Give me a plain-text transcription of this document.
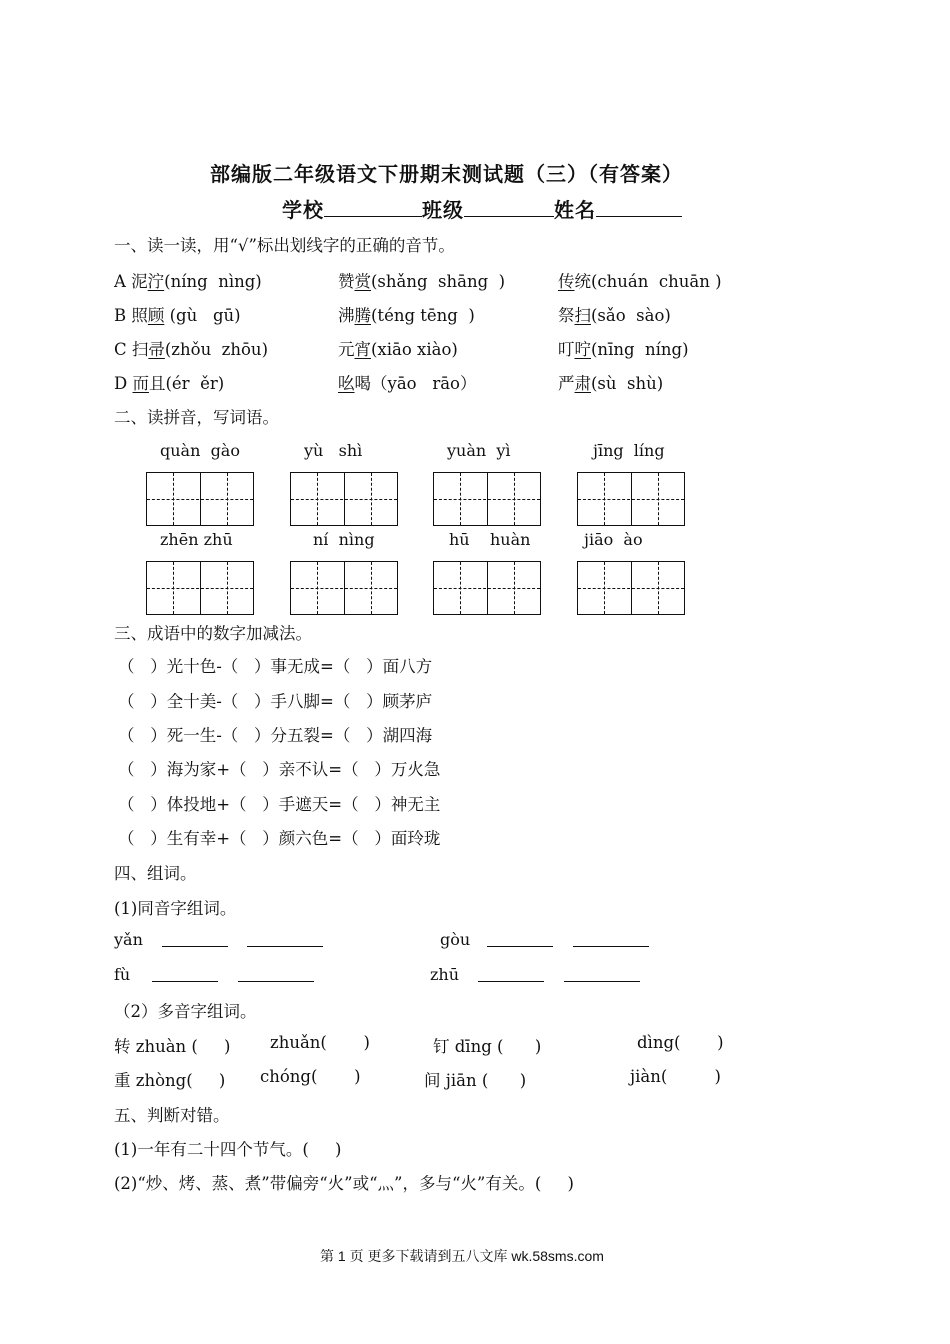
部编版二年级语文下册期末测试题（三）（有答案）
学校	班级	姓名
一、读一读，用“√”标出划线字的正确的音节。
A 泥泞(níng  nìng)	赞赏(shǎng  shāng  )	传统(chuán  chuān )
B 照顾 (gù   gū)	沸腾(téng tēng  )	祭扫(sǎo  sào)
C 扫帚(zhǒu  zhōu)	元宵(xiāo xiào)	叮咛(nīng  níng)
D 而且(ér  ěr)	吆喝（yāo   rāo）	严肃(sù  shù)
二、读拼音，写词语。
quàn  gào	yù   shì	yuàn  yì	jīng  líng
zhēn zhū	ní  nìng	hū    huàn	jiāo  ào
三、成语中的数字加减法。
（   ）光十色-（   ）事无成=（   ）面八方
（   ）全十美-（   ）手八脚=（   ）顾茅庐
（   ）死一生-（   ）分五裂=（   ）湖四海
（   ）海为家+（   ）亲不认=（   ）万火急
（   ）体投地+（   ）手遮天=（   ）神无主
（   ）生有幸+（   ）颜六色=（   ）面玲珑
四、组词。
(1)同音字组词。
yǎn	gòu
fù	zhū
（2）多音字组词。
转 zhuàn (     ) zhuǎn(       )	钉 dīng (      )	dìng(       )
重 zhòng(     ) chóng(       )	间 jiān (      )	jiàn(         )
五、判断对错。
(1)一年有二十四个节气。(     )
(2)“炒、烤、蒸、煮”带偏旁“火”或“灬”，多与“火”有关。(     )
第 1 页 更多下载请到五八文库 wk.58sms.com
